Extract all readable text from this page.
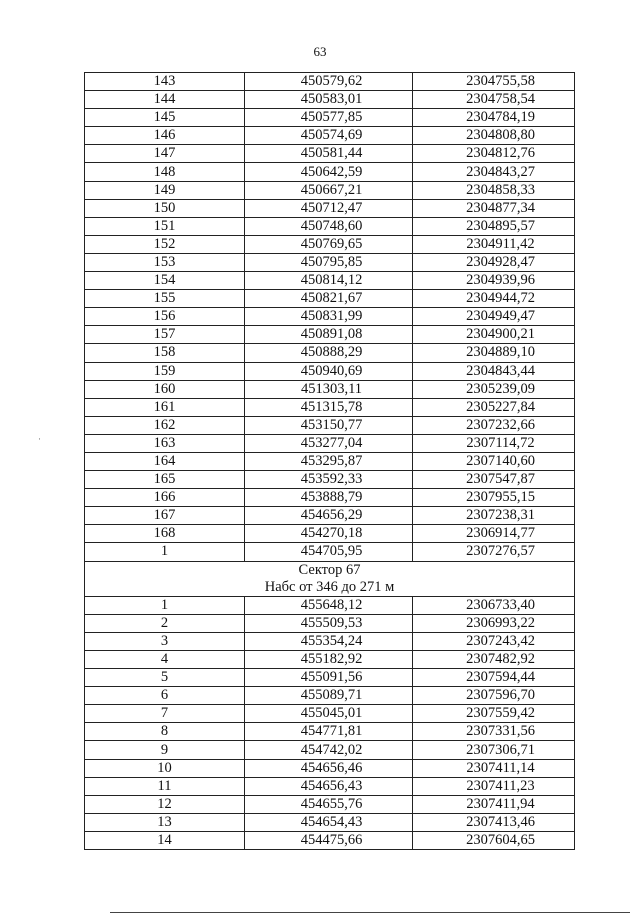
63
143	450579,62	2304755,58
144	450583,01	2304758,54
145	450577,85	2304784,19
146	450574,69	2304808,80
147	450581,44	2304812,76
148	450642,59	2304843,27
149	450667,21	2304858,33
150	450712,47	2304877,34
151	450748,60	2304895,57
152	450769,65	2304911,42
153	450795,85	2304928,47
154	450814,12	2304939,96
155	450821,67	2304944,72
156	450831,99	2304949,47
157	450891,08	2304900,21
158	450888,29	2304889,10
159	450940,69	2304843,44
160	451303,11	2305239,09
161	451315,78	2305227,84
162	453150,77	2307232,66
163	453277,04	2307114,72
164	453295,87	2307140,60
165	453592,33	2307547,87
166	453888,79	2307955,15
167	454656,29	2307238,31
168	454270,18	2306914,77
1	454705,95	2307276,57
Сектор 67		
Набс от 346 до 271 м		
1	455648,12	2306733,40
2	455509,53	2306993,22
3	455354,24	2307243,42
4	455182,92	2307482,92
5	455091,56	2307594,44
6	455089,71	2307596,70
7	455045,01	2307559,42
8	454771,81	2307331,56
9	454742,02	2307306,71
10	454656,46	2307411,14
11	454656,43	2307411,23
12	454655,76	2307411,94
13	454654,43	2307413,46
14	454475,66	2307604,65
·
